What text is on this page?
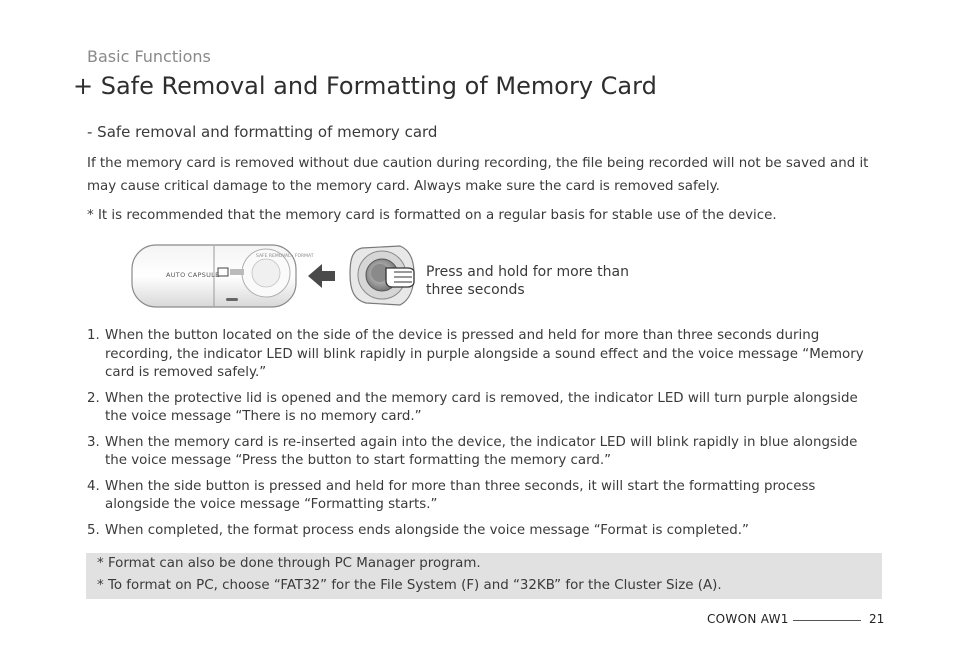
Basic Functions
+ Safe Removal and Formatting of Memory Card
- Safe removal and formatting of memory card
If the memory card is removed without due caution during recording, the file being recorded will not be saved and it may cause critical damage to the memory card. Always make sure the card is removed safely.
* It is recommended that the memory card is formatted on a regular basis for stable use of the device.
SAFE REMOVAL · FORMAT
AUTO CAPSULE	Press and hold for more than
three seconds
1. When the button located on the side of the device is pressed and held for more than three seconds during recording, the indicator LED will blink rapidly in purple alongside a sound effect and the voice message “Memory card is removed safely.”
2. When the protective lid is opened and the memory card is removed, the indicator LED will turn purple alongside the voice message “There is no memory card.”
3. When the memory card is re-inserted again into the device, the indicator LED will blink rapidly in blue alongside the voice message “Press the button to start formatting the memory card.”
4. When the side button is pressed and held for more than three seconds, it will start the formatting process alongside the voice message “Formatting starts.”
5. When completed, the format process ends alongside the voice message “Format is completed.”
* Format can also be done through PC Manager program.
* To format on PC, choose “FAT32” for the File System (F) and “32KB” for the Cluster Size (A).
COWON AW1	21
